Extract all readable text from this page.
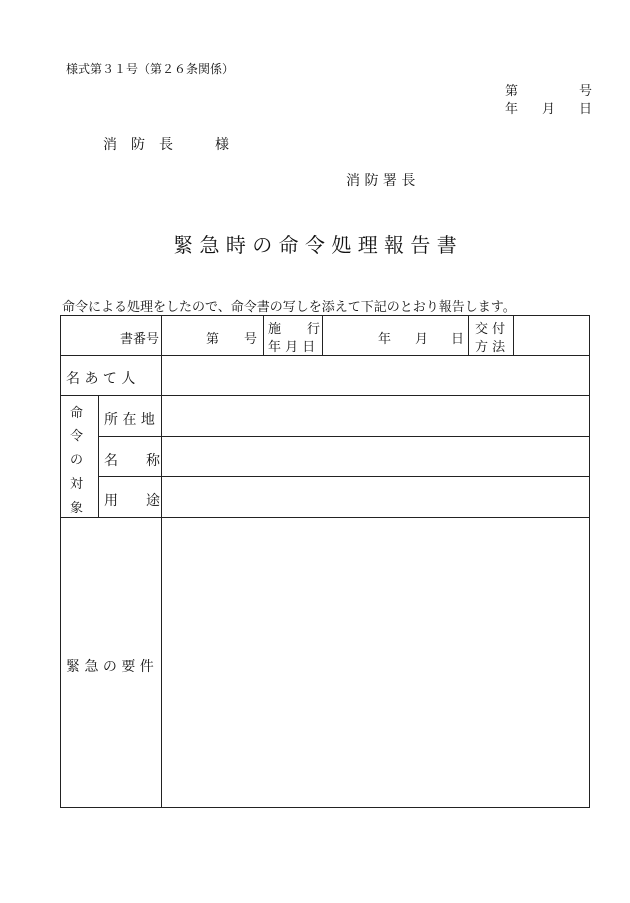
様式第３１号（第２６条関係）
第	号
年 月 日
消　防　長　　　様
消 防 署 長
緊 急 時 の 命 令 処 理 報 告 書
命令による処理をしたので、命令書の写しを添えて下記のとおり報告します。
書番号	第 号
施　　行
年 月 日
年 月 日
交 付
方 法
名 あ て 人
命
令
の
対
象
所 在 地
名　　称
用　　途
緊 急 の 要 件
